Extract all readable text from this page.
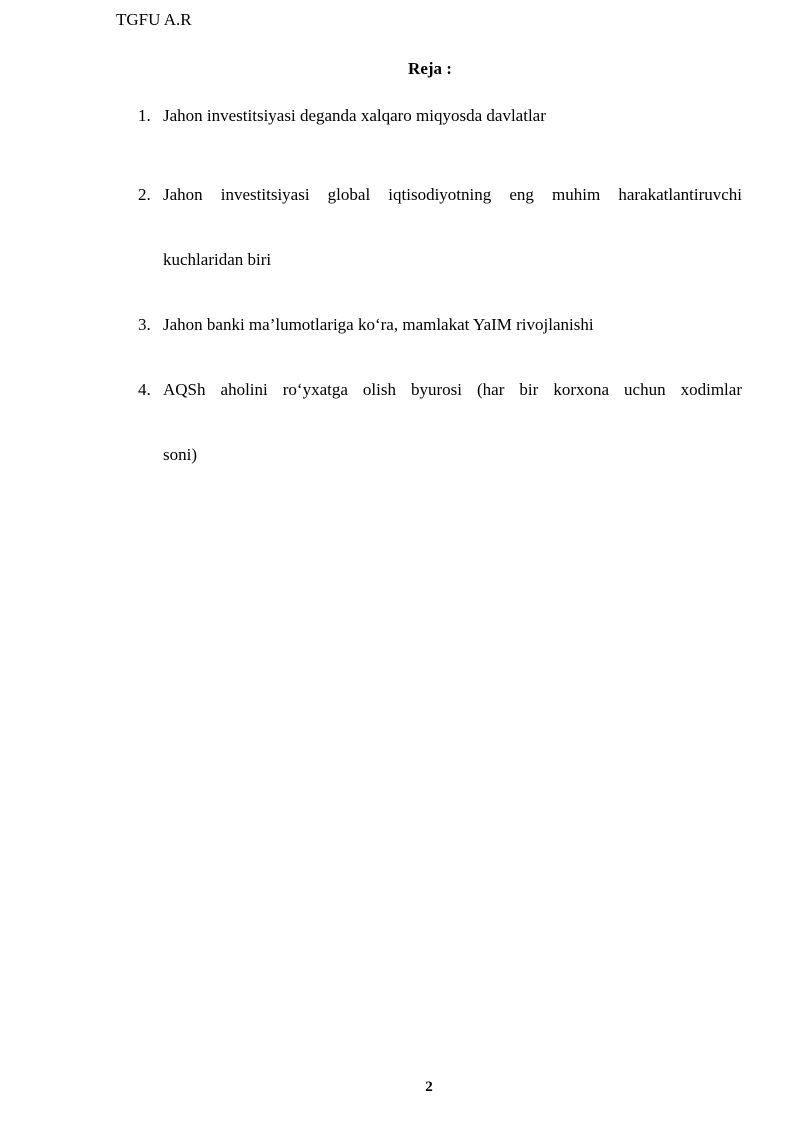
TGFU A.R
Reja :
1. Jahon investitsiyasi deganda xalqaro miqyosda davlatlar
2. Jahon investitsiyasi global iqtisodiyotning eng muhim harakatlantiruvchi
kuchlaridan biri
3. Jahon banki ma’lumotlariga ko‘ra, mamlakat YaIM rivojlanishi
4. AQSh aholini ro‘yxatga olish byurosi (har bir korxona uchun xodimlar
soni)
2
